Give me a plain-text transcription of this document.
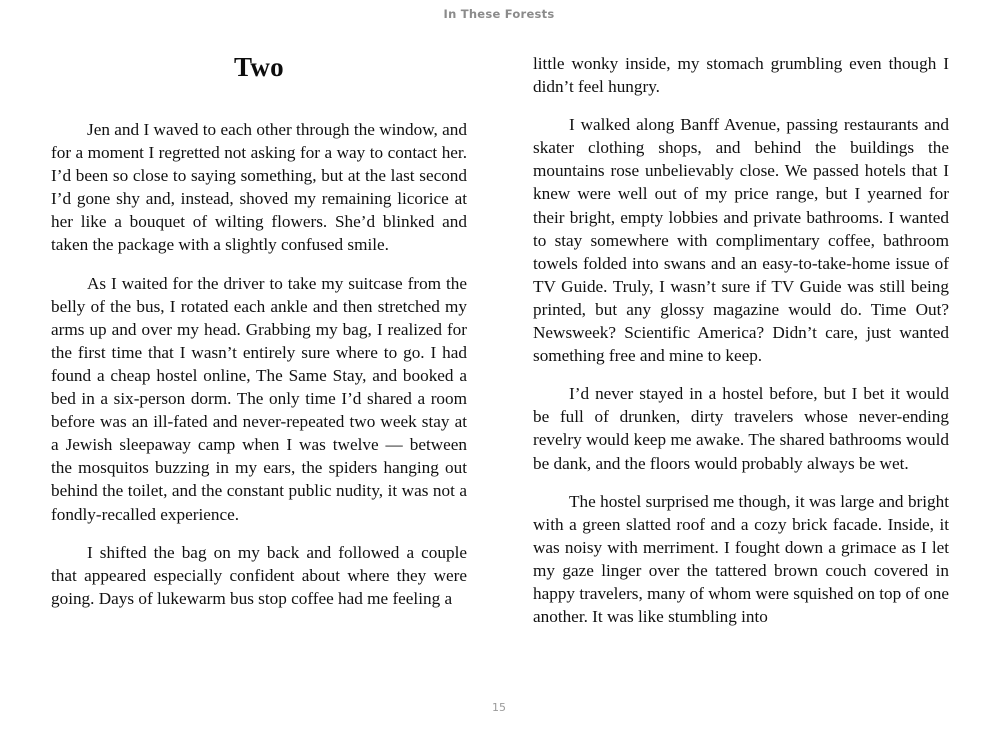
In These Forests
Two

Jen and I waved to each other through the window, and for a moment I regretted not asking for a way to contact her. I’d been so close to saying something, but at the last second I’d gone shy and, instead, shoved my remaining licorice at her like a bouquet of wilting flowers. She’d blinked and taken the package with a slightly confused smile.

As I waited for the driver to take my suitcase from the belly of the bus, I rotated each ankle and then stretched my arms up and over my head. Grabbing my bag, I realized for the first time that I wasn’t entirely sure where to go. I had found a cheap hostel online, The Same Stay, and booked a bed in a six-person dorm. The only time I’d shared a room before was an ill-fated and never-repeated two week stay at a Jewish sleepaway camp when I was twelve — between the mosquitos buzzing in my ears, the spiders hanging out behind the toilet, and the constant public nudity, it was not a fondly-recalled experience.

I shifted the bag on my back and followed a couple that appeared especially confident about where they were going. Days of lukewarm bus stop coffee had me feeling a

little wonky inside, my stomach grumbling even though I didn’t feel hungry.

I walked along Banff Avenue, passing restaurants and skater clothing shops, and behind the buildings the mountains rose unbelievably close. We passed hotels that I knew were well out of my price range, but I yearned for their bright, empty lobbies and private bathrooms. I wanted to stay somewhere with complimentary coffee, bathroom towels folded into swans and an easy-to-take-home issue of TV Guide. Truly, I wasn’t sure if TV Guide was still being printed, but any glossy magazine would do. Time Out? Newsweek? Scientific America? Didn’t care, just wanted something free and mine to keep.

I’d never stayed in a hostel before, but I bet it would be full of drunken, dirty travelers whose never-ending revelry would keep me awake. The shared bathrooms would be dank, and the floors would probably always be wet.

The hostel surprised me though, it was large and bright with a green slatted roof and a cozy brick facade. Inside, it was noisy with merriment. I fought down a grimace as I let my gaze linger over the tattered brown couch covered in happy travelers, many of whom were squished on top of one another. It was like stumbling into

15
